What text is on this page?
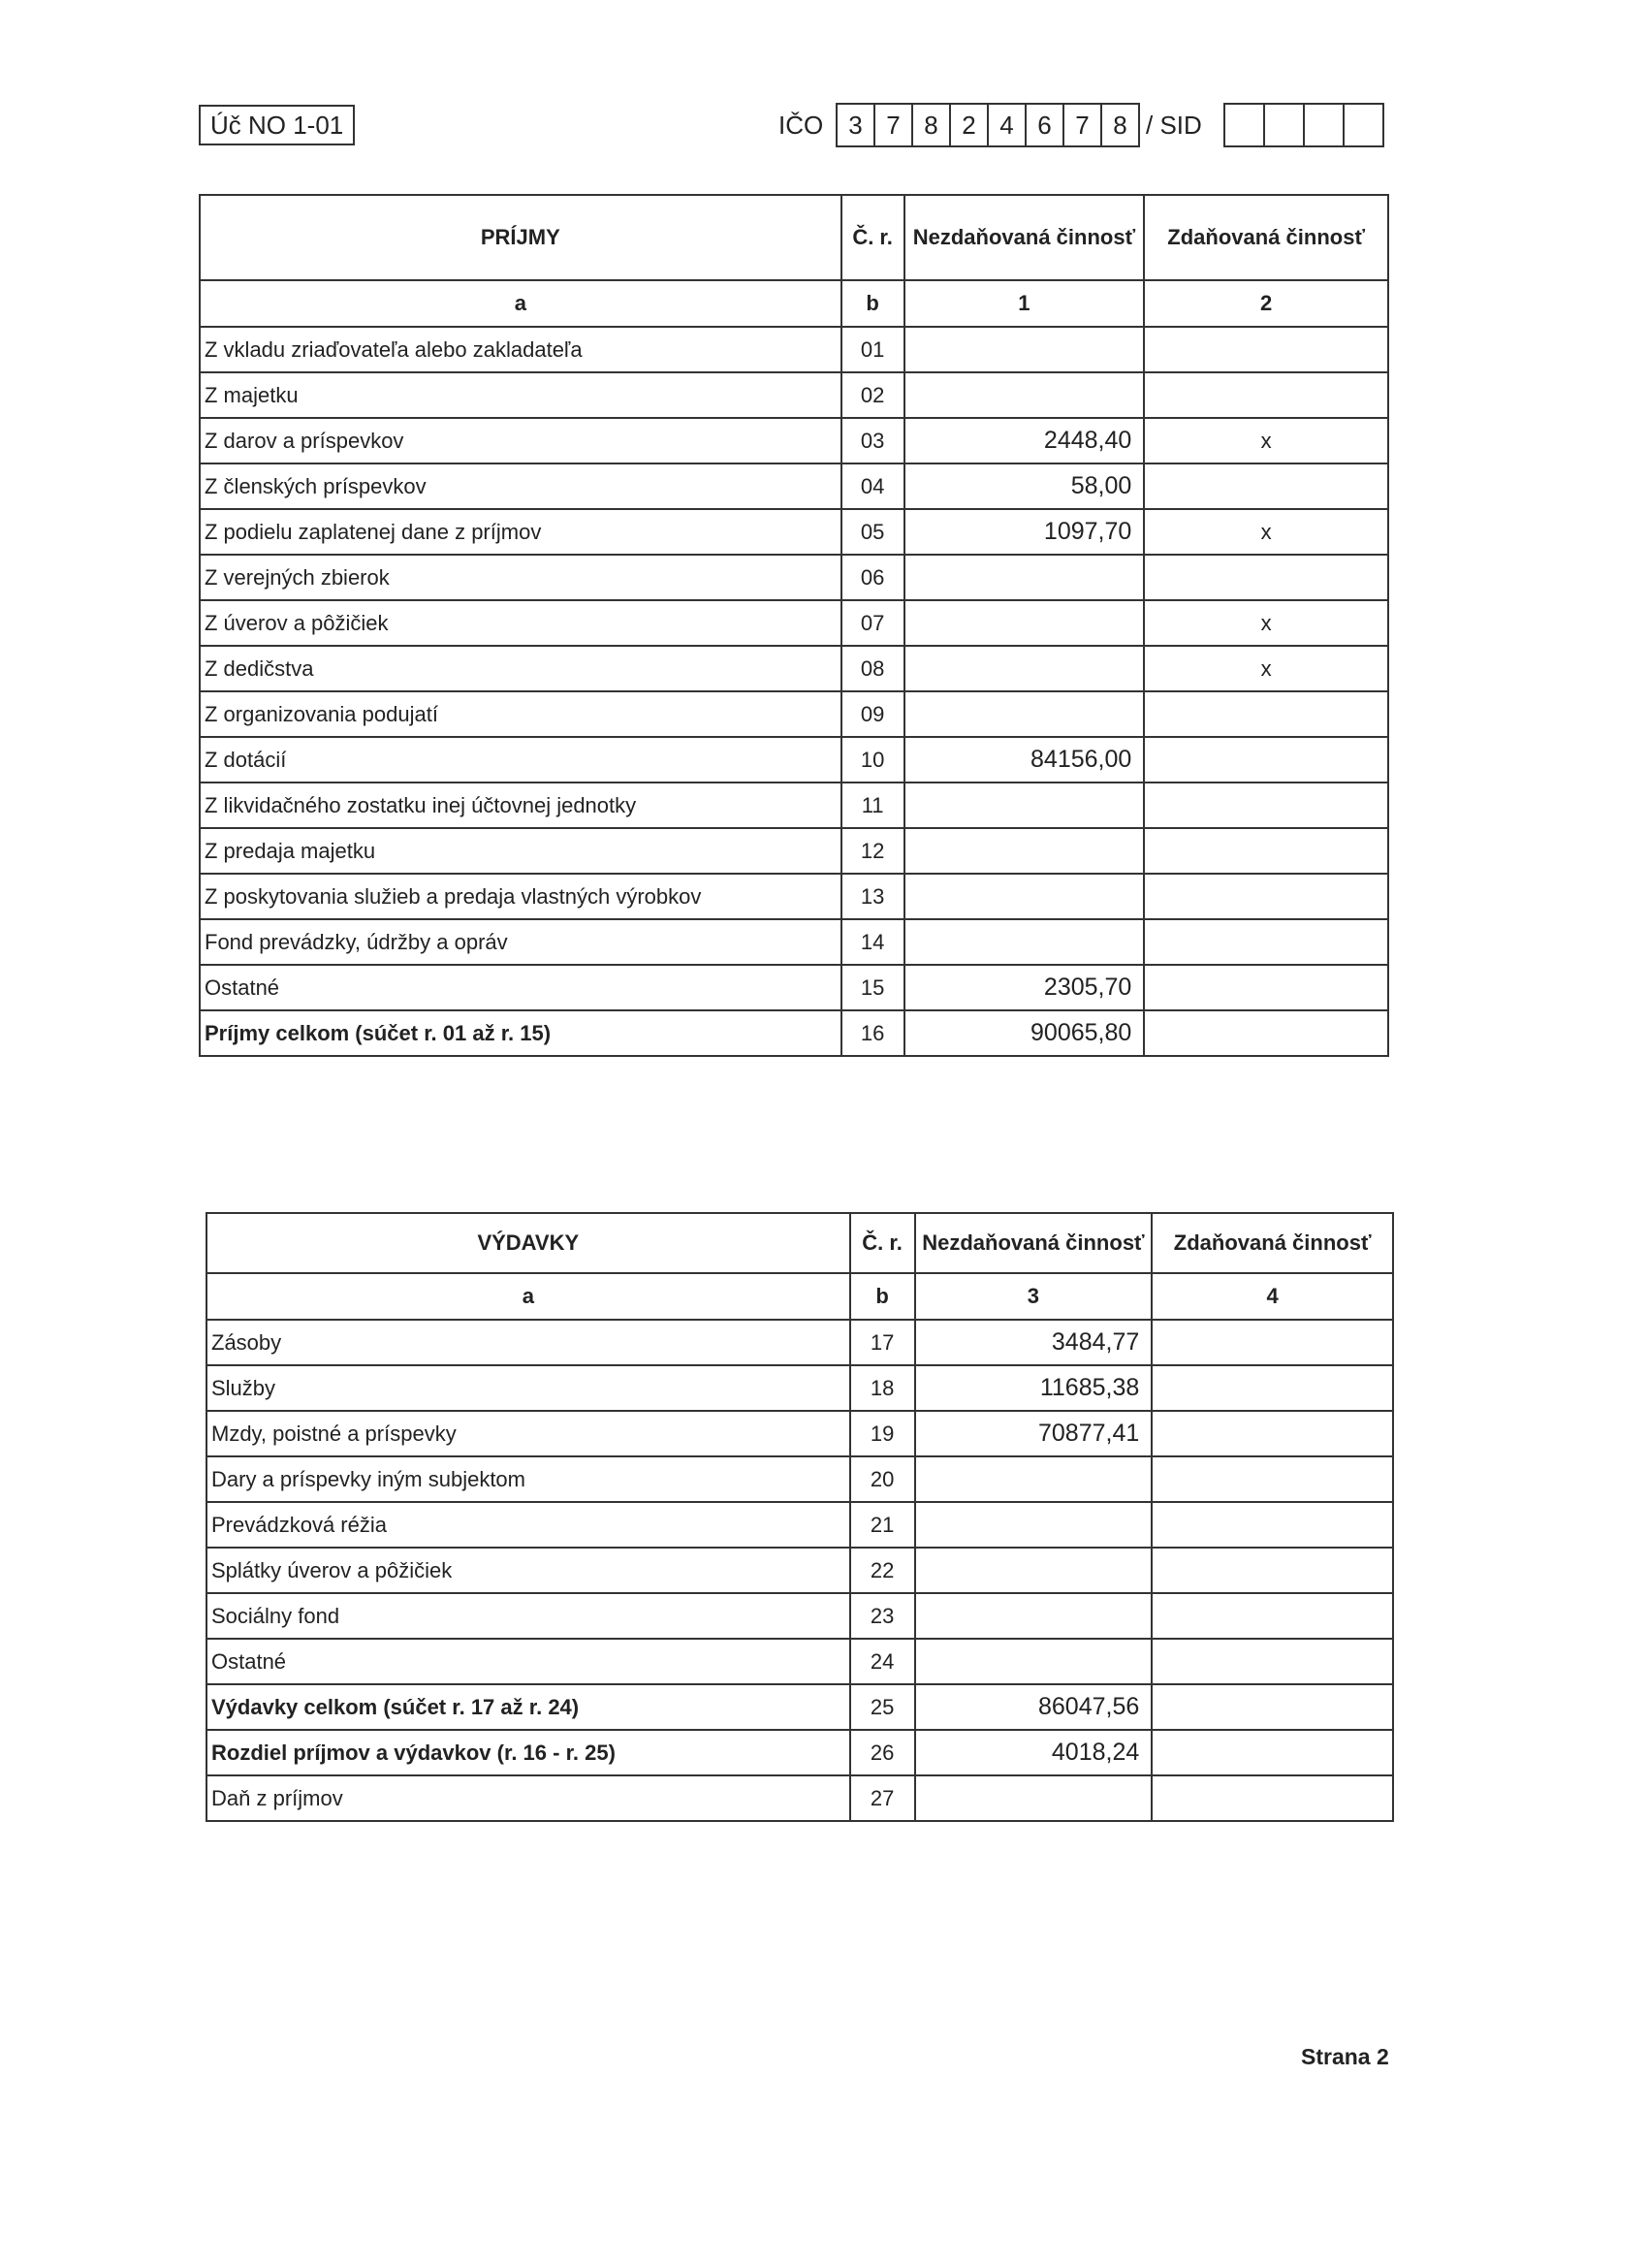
Úč NO 1-01	IČO	3 7 8 2 4 6 7 8 / SID
PRÍJMY	Č. r.	Nezdaňovaná činnosť	Zdaňovaná činnosť
a	b	1	2
Z vkladu zriaďovateľa alebo zakladateľa	01		
Z majetku	02		
Z darov a príspevkov	03	2448,40	x
Z členských príspevkov	04	58,00	
Z podielu zaplatenej dane z príjmov	05	1097,70	x
Z verejných zbierok	06		
Z úverov a pôžičiek	07		x
Z dedičstva	08		x
Z organizovania podujatí	09		
Z dotácií	10	84156,00	
Z likvidačného zostatku inej účtovnej jednotky	11		
Z predaja majetku	12		
Z poskytovania služieb a predaja vlastných výrobkov	13		
Fond prevádzky, údržby a opráv	14		
Ostatné	15	2305,70	
Príjmy celkom (súčet r. 01 až r. 15)	16	90065,80	
VÝDAVKY	Č. r.	Nezdaňovaná činnosť	Zdaňovaná činnosť
a	b	3	4
Zásoby	17	3484,77	
Služby	18	11685,38	
Mzdy, poistné a príspevky	19	70877,41	
Dary a príspevky iným subjektom	20		
Prevádzková réžia	21		
Splátky úverov a pôžičiek	22		
Sociálny fond	23		
Ostatné	24		
Výdavky celkom (súčet r. 17 až r. 24)	25	86047,56	
Rozdiel príjmov a výdavkov (r. 16 - r. 25)	26	4018,24	
Daň z príjmov	27		
Strana 2
